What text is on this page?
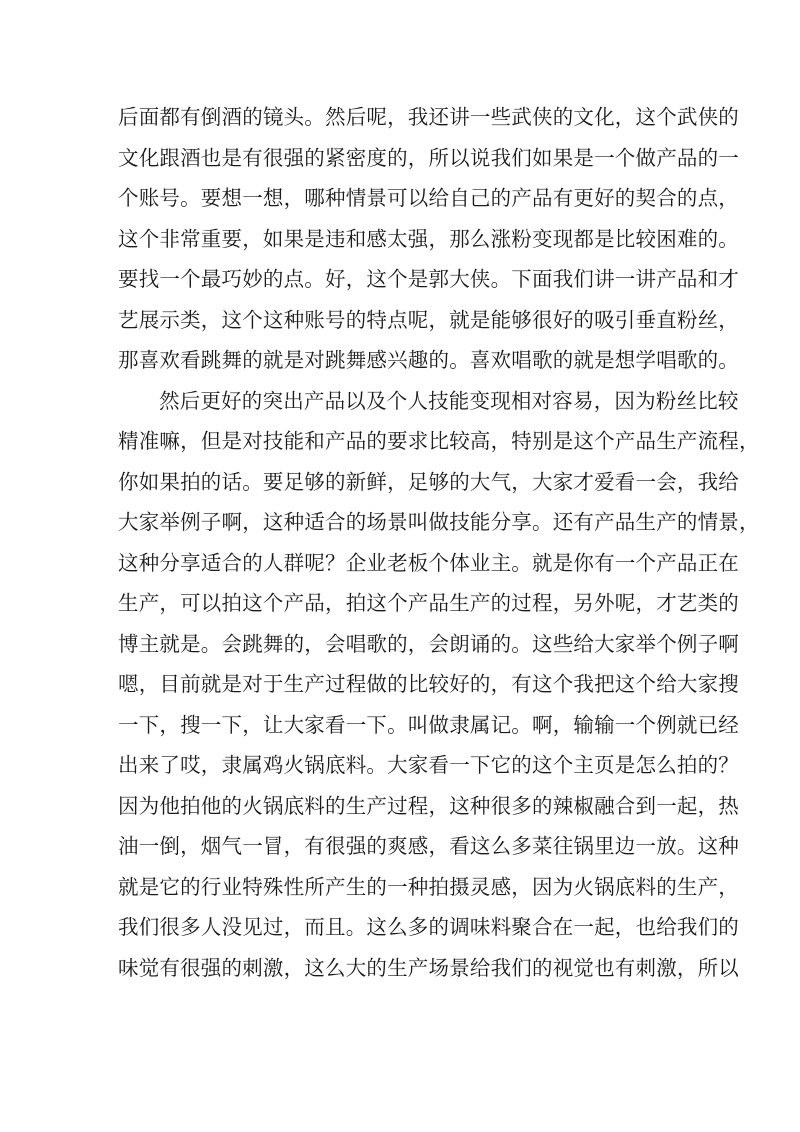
后面都有倒酒的镜头。然后呢，我还讲一些武侠的文化，这个武侠的
文化跟酒也是有很强的紧密度的，所以说我们如果是一个做产品的一
个账号。要想一想，哪种情景可以给自己的产品有更好的契合的点，
这个非常重要，如果是违和感太强，那么涨粉变现都是比较困难的。
要找一个最巧妙的点。好，这个是郭大侠。下面我们讲一讲产品和才
艺展示类，这个这种账号的特点呢，就是能够很好的吸引垂直粉丝，
那喜欢看跳舞的就是对跳舞感兴趣的。喜欢唱歌的就是想学唱歌的。
然后更好的突出产品以及个人技能变现相对容易，因为粉丝比较
精准嘛，但是对技能和产品的要求比较高，特别是这个产品生产流程，
你如果拍的话。要足够的新鲜，足够的大气，大家才爱看一会，我给
大家举例子啊，这种适合的场景叫做技能分享。还有产品生产的情景，
这种分享适合的人群呢？企业老板个体业主。就是你有一个产品正在
生产，可以拍这个产品，拍这个产品生产的过程，另外呢，才艺类的
博主就是。会跳舞的，会唱歌的，会朗诵的。这些给大家举个例子啊
嗯，目前就是对于生产过程做的比较好的，有这个我把这个给大家搜
一下，搜一下，让大家看一下。叫做隶属记。啊，输输一个例就已经
出来了哎，隶属鸡火锅底料。大家看一下它的这个主页是怎么拍的？
因为他拍他的火锅底料的生产过程，这种很多的辣椒融合到一起，热
油一倒，烟气一冒，有很强的爽感，看这么多菜往锅里边一放。这种
就是它的行业特殊性所产生的一种拍摄灵感，因为火锅底料的生产，
我们很多人没见过，而且。这么多的调味料聚合在一起，也给我们的
味觉有很强的刺激，这么大的生产场景给我们的视觉也有刺激，所以
